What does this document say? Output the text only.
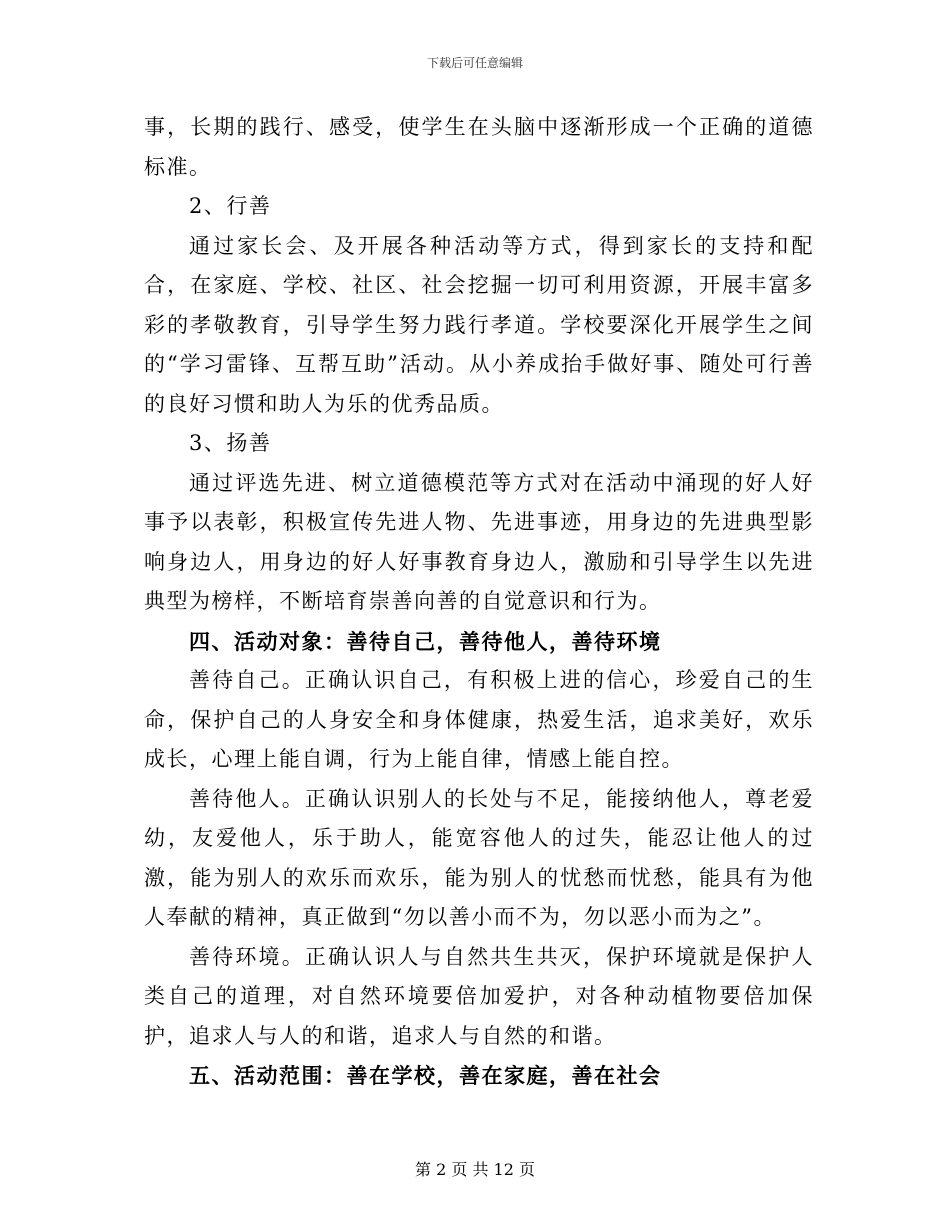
下载后可任意编辑

事，长期的践行、感受，使学生在头脑中逐渐形成一个正确的道德标准。

2、行善

通过家长会、及开展各种活动等方式，得到家长的支持和配合，在家庭、学校、社区、社会挖掘一切可利用资源，开展丰富多彩的孝敬教育，引导学生努力践行孝道。学校要深化开展学生之间的“学习雷锋、互帮互助”活动。从小养成抬手做好事、随处可行善的良好习惯和助人为乐的优秀品质。

3、扬善

通过评选先进、树立道德模范等方式对在活动中涌现的好人好事予以表彰，积极宣传先进人物、先进事迹，用身边的先进典型影响身边人，用身边的好人好事教育身边人，激励和引导学生以先进典型为榜样，不断培育崇善向善的自觉意识和行为。

四、活动对象：善待自己，善待他人，善待环境

善待自己。正确认识自己，有积极上进的信心，珍爱自己的生命，保护自己的人身安全和身体健康，热爱生活，追求美好，欢乐成长，心理上能自调，行为上能自律，情感上能自控。

善待他人。正确认识别人的长处与不足，能接纳他人，尊老爱幼，友爱他人，乐于助人，能宽容他人的过失，能忍让他人的过激，能为别人的欢乐而欢乐，能为别人的忧愁而忧愁，能具有为他人奉献的精神，真正做到“勿以善小而不为，勿以恶小而为之”。

善待环境。正确认识人与自然共生共灭，保护环境就是保护人类自己的道理，对自然环境要倍加爱护，对各种动植物要倍加保护，追求人与人的和谐，追求人与自然的和谐。

五、活动范围：善在学校，善在家庭，善在社会

第 2 页 共 12 页
